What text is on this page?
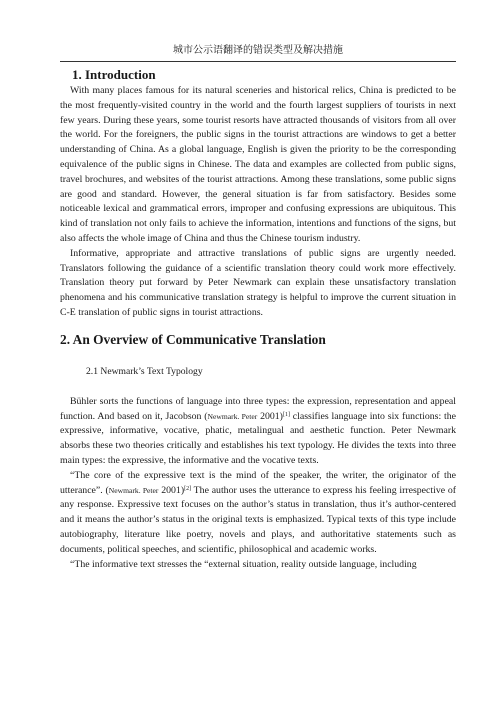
城市公示语翻译的错误类型及解决措施
1. Introduction

With many places famous for its natural sceneries and historical relics, China is predicted to be the most frequently-visited country in the world and the fourth largest suppliers of tourists in next few years. During these years, some tourist resorts have attracted thousands of visitors from all over the world. For the foreigners, the public signs in the tourist attractions are windows to get a better understanding of China. As a global language, English is given the priority to be the corresponding equivalence of the public signs in Chinese. The data and examples are collected from public signs, travel brochures, and websites of the tourist attractions. Among these translations, some public signs are good and standard. However, the general situation is far from satisfactory. Besides some noticeable lexical and grammatical errors, improper and confusing expressions are ubiquitous. This kind of translation not only fails to achieve the information, intentions and functions of the signs, but also affects the whole image of China and thus the Chinese tourism industry.

Informative, appropriate and attractive translations of public signs are urgently needed. Translators following the guidance of a scientific translation theory could work more effectively. Translation theory put forward by Peter Newmark can explain these unsatisfactory translation phenomena and his communicative translation strategy is helpful to improve the current situation in C-E translation of public signs in tourist attractions.

2. An Overview of Communicative Translation
2.1 Newmark’s Text Typology

Bühler sorts the functions of language into three types: the expression, representation and appeal function. And based on it, Jacobson (Newmark. Peter 2001)[1] classifies language into six functions: the expressive, informative, vocative, phatic, metalingual and aesthetic function. Peter Newmark absorbs these two theories critically and establishes his text typology. He divides the texts into three main types: the expressive, the informative and the vocative texts.

“The core of the expressive text is the mind of the speaker, the writer, the originator of the utterance”. (Newmark. Peter 2001)[2] The author uses the utterance to express his feeling irrespective of any response. Expressive text focuses on the author’s status in translation, thus it’s author-centered and it means the author’s status in the original texts is emphasized. Typical texts of this type include autobiography, literature like poetry, novels and plays, and authoritative statements such as documents, political speeches, and scientific, philosophical and academic works.

“The informative text stresses the “external situation, reality outside language, including
